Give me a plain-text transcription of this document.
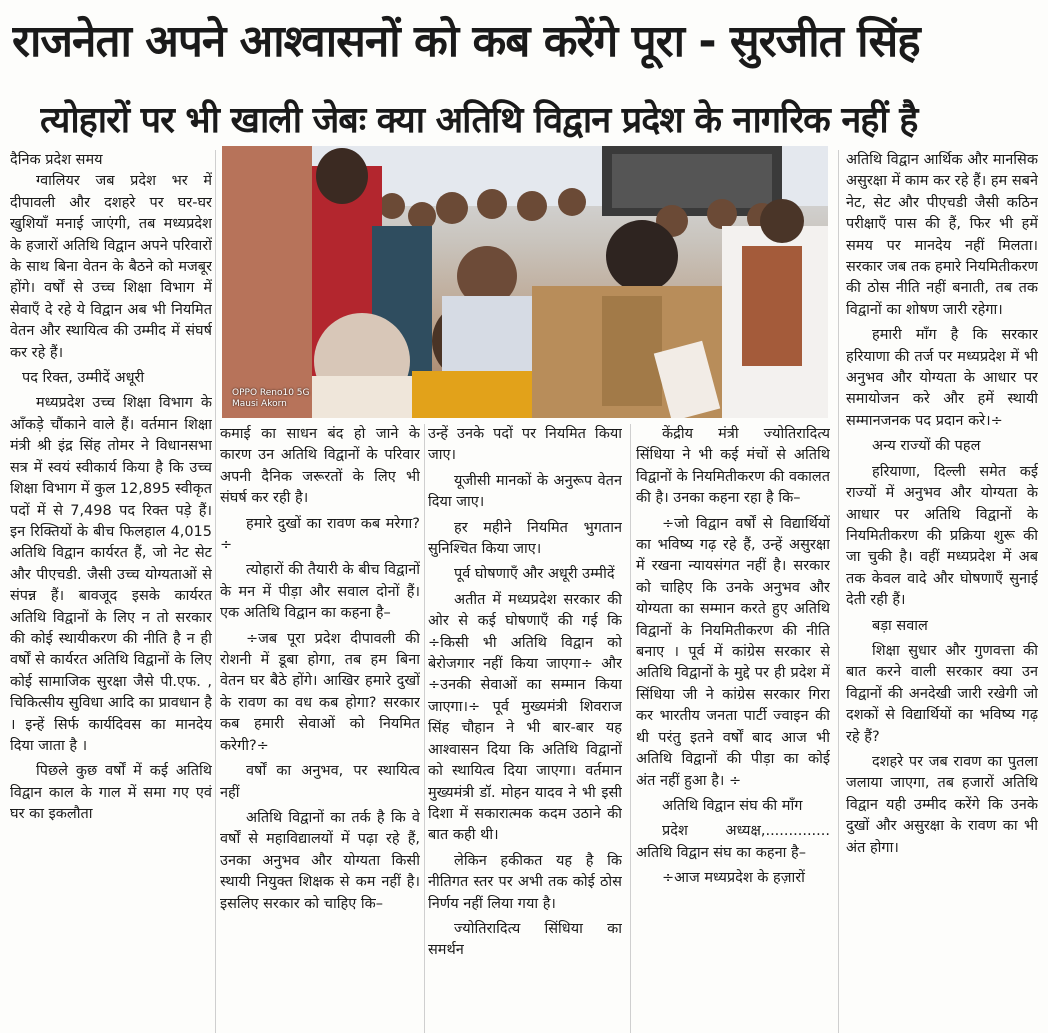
राजनेता अपने आश्वासनों को कब करेंगे पूरा - सुरजीत सिंह
त्योहारों पर भी खाली जेबः क्या अतिथि विद्वान प्रदेश के नागरिक नहीं है
OPPO Reno10 5G
Mausi Akorn

दैनिक प्रदेश समय

ग्वालियर जब प्रदेश भर में दीपावली और दशहरे पर घर-घर खुशियाँ मनाई जाएंगी, तब मध्यप्रदेश के हजारों अतिथि विद्वान अपने परिवारों के साथ बिना वेतन के बैठने को मजबूर होंगे। वर्षों से उच्च शिक्षा विभाग में सेवाएँ दे रहे ये विद्वान अब भी नियमित वेतन और स्थायित्व की उम्मीद में संघर्ष कर रहे हैं।

पद रिक्त, उम्मीदें अधूरी

मध्यप्रदेश उच्च शिक्षा विभाग के आँकड़े चौंकाने वाले हैं। वर्तमान शिक्षा मंत्री श्री इंद्र सिंह तोमर ने विधानसभा सत्र में स्वयं स्वीकार्य किया है कि उच्च शिक्षा विभाग में कुल 12,895 स्वीकृत पदों में से 7,498 पद रिक्त पड़े हैं। इन रिक्तियों के बीच फिलहाल 4,015 अतिथि विद्वान कार्यरत हैं, जो नेट सेट और पीएचडी. जैसी उच्च योग्यताओं से संपन्न हैं। बावजूद इसके कार्यरत अतिथि विद्वानों के लिए न तो सरकार की कोई स्थायीकरण की नीति है न ही वर्षों से कार्यरत अतिथि विद्वानों के लिए कोई सामाजिक सुरक्षा जैसे पी.एफ. , चिकित्सीय सुविधा आदि का प्रावधान है । इन्हें सिर्फ कार्यदिवस का मानदेय दिया जाता है ।

पिछले कुछ वर्षों में कई अतिथि विद्वान काल के गाल में समा गए एवं घर का इकलौता

कमाई का साधन बंद हो जाने के कारण उन अतिथि विद्वानों के परिवार अपनी दैनिक जरूरतों के लिए भी संघर्ष कर रही है।

हमारे दुखों का रावण कब मरेगा?÷

त्योहारों की तैयारी के बीच विद्वानों के मन में पीड़ा और सवाल दोनों हैं। एक अतिथि विद्वान का कहना है–

÷जब पूरा प्रदेश दीपावली की रोशनी में डूबा होगा, तब हम बिना वेतन घर बैठे होंगे। आखिर हमारे दुखों के रावण का वध कब होगा? सरकार कब हमारी सेवाओं को नियमित करेगी?÷

वर्षों का अनुभव, पर स्थायित्व नहीं

अतिथि विद्वानों का तर्क है कि वे वर्षों से महाविद्यालयों में पढ़ा रहे हैं, उनका अनुभव और योग्यता किसी स्थायी नियुक्त शिक्षक से कम नहीं है। इसलिए सरकार को चाहिए कि–

उन्हें उनके पदों पर नियमित किया जाए।

यूजीसी मानकों के अनुरूप वेतन दिया जाए।

हर महीने नियमित भुगतान सुनिश्चित किया जाए।

पूर्व घोषणाएँ और अधूरी उम्मीदें

अतीत में मध्यप्रदेश सरकार की ओर से कई घोषणाएँ की गई कि ÷किसी भी अतिथि विद्वान को बेरोजगार नहीं किया जाएगा÷ और ÷उनकी सेवाओं का सम्मान किया जाएगा।÷ पूर्व मुख्यमंत्री शिवराज सिंह चौहान ने भी बार-बार यह आश्वासन दिया कि अतिथि विद्वानों को स्थायित्व दिया जाएगा। वर्तमान मुख्यमंत्री डॉ. मोहन यादव ने भी इसी दिशा में सकारात्मक कदम उठाने की बात कही थी।

लेकिन हकीकत यह है कि नीतिगत स्तर पर अभी तक कोई ठोस निर्णय नहीं लिया गया है।

ज्योतिरादित्य सिंधिया का समर्थन

केंद्रीय मंत्री ज्योतिरादित्य सिंधिया ने भी कई मंचों से अतिथि विद्वानों के नियमितीकरण की वकालत की है। उनका कहना रहा है कि–

÷जो विद्वान वर्षों से विद्यार्थियों का भविष्य गढ़ रहे हैं, उन्हें असुरक्षा में रखना न्यायसंगत नहीं है। सरकार को चाहिए कि उनके अनुभव और योग्यता का सम्मान करते हुए अतिथि विद्वानों के नियमितीकरण की नीति बनाए । पूर्व में कांग्रेस सरकार से अतिथि विद्वानों के मुद्दे पर ही प्रदेश में सिंधिया जी ने कांग्रेस सरकार गिरा कर भारतीय जनता पार्टी ज्वाइन की थी परंतु इतने वर्षों बाद आज भी अतिथि विद्वानों की पीड़ा का कोई अंत नहीं हुआ है। ÷

अतिथि विद्वान संघ की माँग

प्रदेश अध्यक्ष,.............. अतिथि विद्वान संघ का कहना है–

÷आज मध्यप्रदेश के हज़ारों

अतिथि विद्वान आर्थिक और मानसिक असुरक्षा में काम कर रहे हैं। हम सबने नेट, सेट और पीएचडी जैसी कठिन परीक्षाएँ पास की हैं, फिर भी हमें समय पर मानदेय नहीं मिलता। सरकार जब तक हमारे नियमितीकरण की ठोस नीति नहीं बनाती, तब तक विद्वानों का शोषण जारी रहेगा।

हमारी माँग है कि सरकार हरियाणा की तर्ज पर मध्यप्रदेश में भी अनुभव और योग्यता के आधार पर समायोजन करे और हमें स्थायी सम्मानजनक पद प्रदान करे।÷

अन्य राज्यों की पहल

हरियाणा, दिल्ली समेत कई राज्यों में अनुभव और योग्यता के आधार पर अतिथि विद्वानों के नियमितीकरण की प्रक्रिया शुरू की जा चुकी है। वहीं मध्यप्रदेश में अब तक केवल वादे और घोषणाएँ सुनाई देती रही हैं।

बड़ा सवाल

शिक्षा सुधार और गुणवत्ता की बात करने वाली सरकार क्या उन विद्वानों की अनदेखी जारी रखेगी जो दशकों से विद्यार्थियों का भविष्य गढ़ रहे हैं?

दशहरे पर जब रावण का पुतला जलाया जाएगा, तब हजारों अतिथि विद्वान यही उम्मीद करेंगे कि उनके दुखों और असुरक्षा के रावण का भी अंत होगा।
